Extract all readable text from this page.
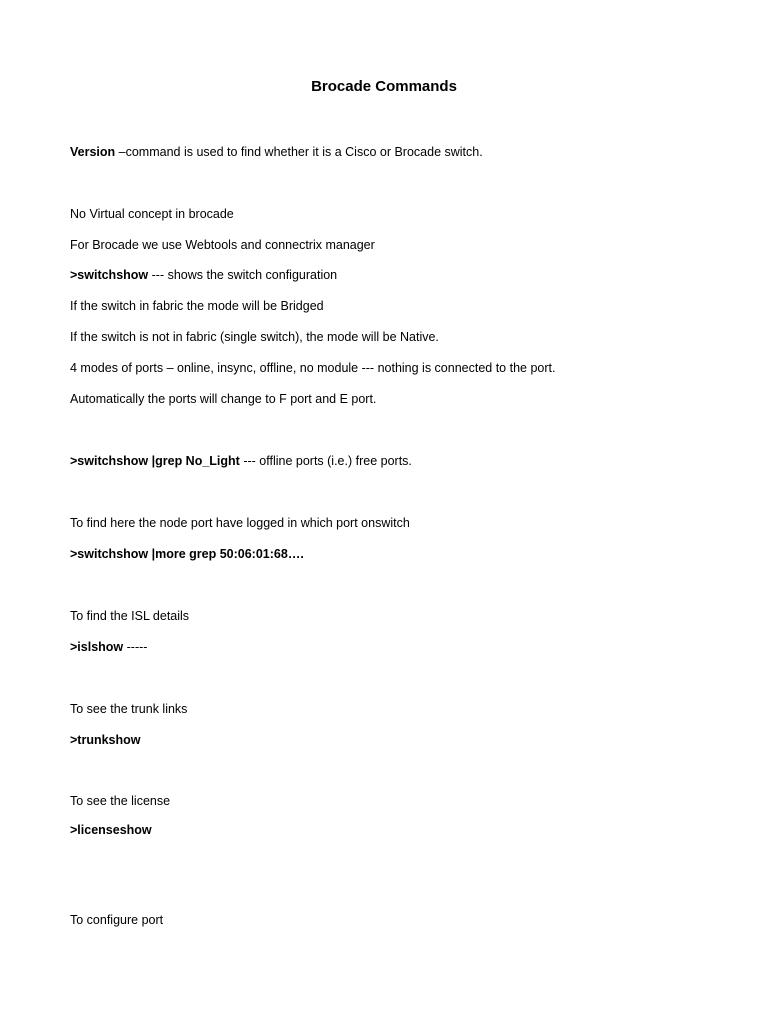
Brocade Commands
Version –command is used to find whether it is a Cisco or Brocade switch.
No Virtual concept in brocade
For Brocade we use Webtools and connectrix manager
>switchshow --- shows the switch configuration
If the switch in fabric the mode will be Bridged
If the switch is not in fabric (single switch), the mode will be Native.
4 modes of ports – online, insync, offline, no module --- nothing is connected to the port.
Automatically the ports will change to F port and E port.
>switchshow |grep No_Light --- offline ports (i.e.) free ports.
To find here the node port have logged in which port onswitch
>switchshow |more grep 50:06:01:68….
To find the ISL details
>islshow -----
To see the trunk links
>trunkshow
To see the license
>licenseshow
To configure port
